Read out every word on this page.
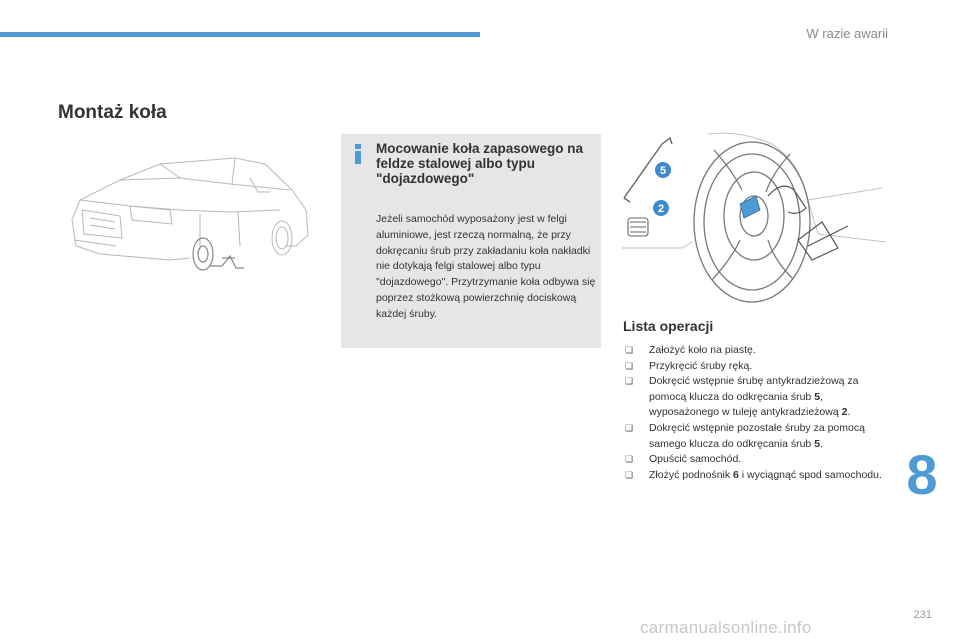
W razie awarii
Montaż koła
Mocowanie koła zapasowego na feldze stalowej albo typu "dojazdowego"

Jeżeli samochód wyposażony jest w felgi aluminiowe, jest rzeczą normalną, że przy dokręcaniu śrub przy zakładaniu koła nakładki nie dotykają felgi stalowej albo typu "dojazdowego". Przytrzymanie koła odbywa się poprzez stożkową powierzchnię dociskową każdej śruby.

5
2
Lista operacji
❏ Założyć koło na piastę.
❏ Przykręcić śruby ręką.
❏ Dokręcić wstępnie śrubę antykradzieżową za pomocą klucza do odkręcania śrub 5, wyposażonego w tuleję antykradzieżową 2.
❏ Dokręcić wstępnie pozostałe śruby za pomocą samego klucza do odkręcania śrub 5.
❏ Opuścić samochód.
❏ Złożyć podnośnik 6 i wyciągnąć spod samochodu. 8
231
carmanualsonline.info
